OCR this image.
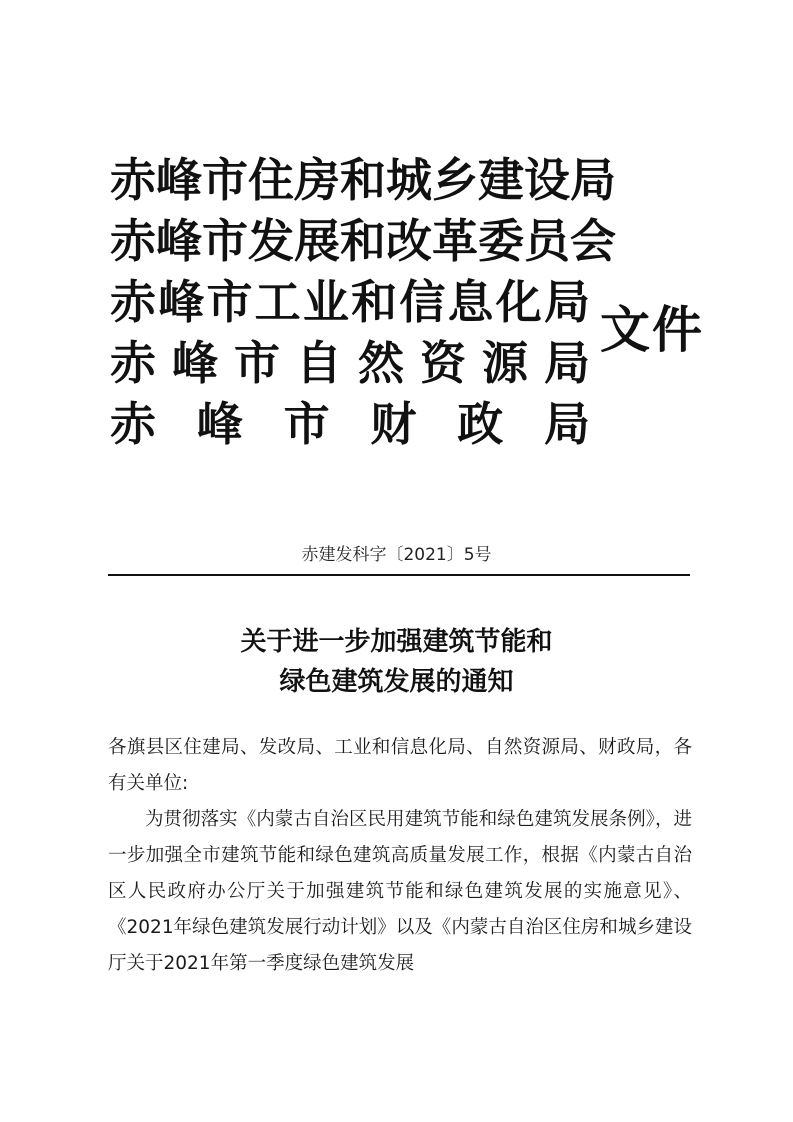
赤 峰 市 住 房 和 城 乡 建 设 局
赤 峰 市 发 展 和 改 革 委 员 会
赤 峰 市 工 业 和 信 息 化 局
赤 峰 市 自 然 资 源 局
赤 峰 市 财 政 局
文件
赤建发科字〔2021〕5号
关于进一步加强建筑节能和
绿色建筑发展的通知

各旗县区住建局、发改局、工业和信息化局、自然资源局、财政局，各有关单位:

为贯彻落实《内蒙古自治区民用建筑节能和绿色建筑发展条例》，进一步加强全市建筑节能和绿色建筑高质量发展工作，根据《内蒙古自治区人民政府办公厅关于加强建筑节能和绿色建筑发展的实施意见》、《2021年绿色建筑发展行动计划》以及《内蒙古自治区住房和城乡建设厅关于2021年第一季度绿色建筑发展
